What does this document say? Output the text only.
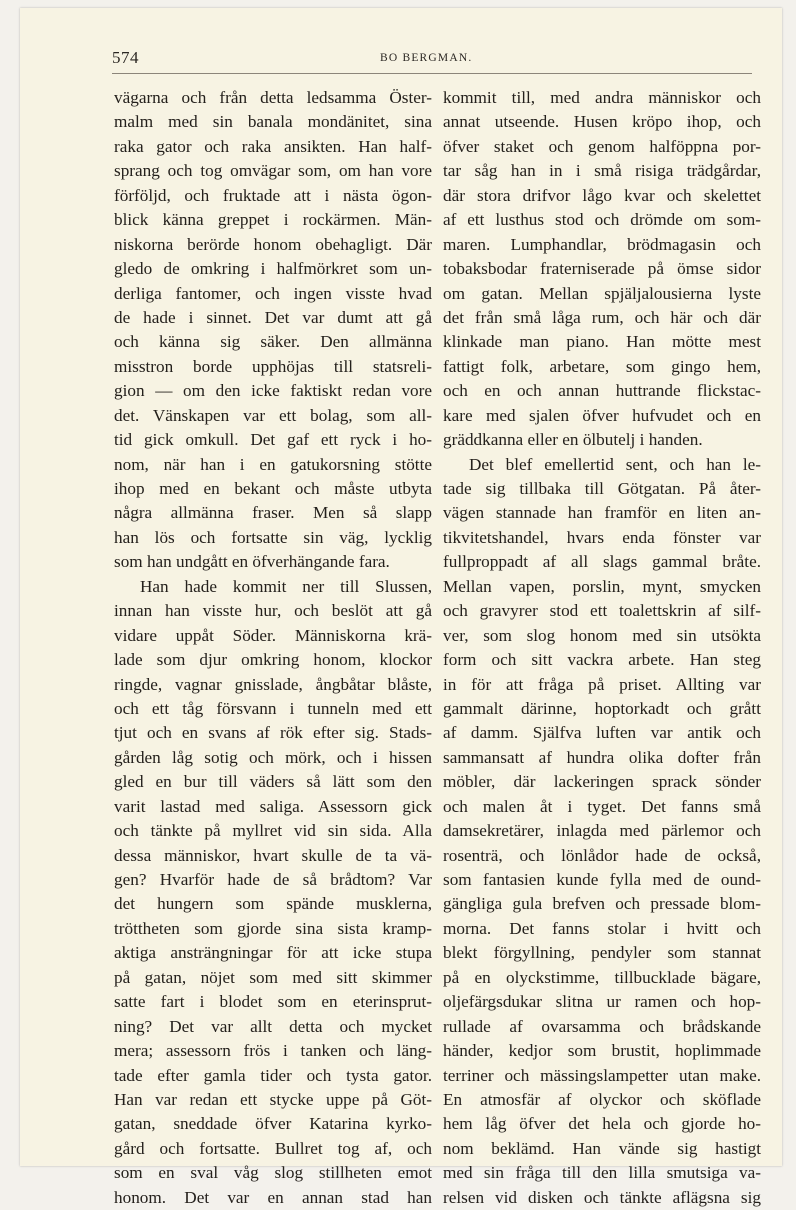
574	BO BERGMAN.
vägarna och från detta ledsamma Öster-
malm med sin banala mondänitet, sina
raka gator och raka ansikten. Han half-
sprang och tog omvägar som, om han vore
förföljd, och fruktade att i nästa ögon-
blick känna greppet i rockärmen. Män-
niskorna berörde honom obehagligt. Där
gledo de omkring i halfmörkret som un-
derliga fantomer, och ingen visste hvad
de hade i sinnet. Det var dumt att gå
och känna sig säker. Den allmänna
misstron borde upphöjas till statsreli-
gion — om den icke faktiskt redan vore
det. Vänskapen var ett bolag, som all-
tid gick omkull. Det gaf ett ryck i ho-
nom, när han i en gatukorsning stötte
ihop med en bekant och måste utbyta
några allmänna fraser. Men så slapp
han lös och fortsatte sin väg, lycklig
som han undgått en öfverhängande fara.
Han hade kommit ner till Slussen,
innan han visste hur, och beslöt att gå
vidare uppåt Söder. Människorna krä-
lade som djur omkring honom, klockor
ringde, vagnar gnisslade, ångbåtar blåste,
och ett tåg försvann i tunneln med ett
tjut och en svans af rök efter sig. Stads-
gården låg sotig och mörk, och i hissen
gled en bur till väders så lätt som den
varit lastad med saliga. Assessorn gick
och tänkte på myllret vid sin sida. Alla
dessa människor, hvart skulle de ta vä-
gen? Hvarför hade de så brådtom? Var
det hungern som spände musklerna,
tröttheten som gjorde sina sista kramp-
aktiga ansträngningar för att icke stupa
på gatan, nöjet som med sitt skimmer
satte fart i blodet som en eterinsprut-
ning? Det var allt detta och mycket
mera; assessorn frös i tanken och läng-
tade efter gamla tider och tysta gator.
Han var redan ett stycke uppe på Göt-
gatan, sneddade öfver Katarina kyrko-
gård och fortsatte. Bullret tog af, och
som en sval våg slog stillheten emot
honom. Det var en annan stad han
kommit till, med andra människor och
annat utseende. Husen kröpo ihop, och
öfver staket och genom halföppna por-
tar såg han in i små risiga trädgårdar,
där stora drifvor lågo kvar och skelettet
af ett lusthus stod och drömde om som-
maren. Lumphandlar, brödmagasin och
tobaksbodar fraterniserade på ömse sidor
om gatan. Mellan spjäljalousierna lyste
det från små låga rum, och här och där
klinkade man piano. Han mötte mest
fattigt folk, arbetare, som gingo hem,
och en och annan huttrande flickstac-
kare med sjalen öfver hufvudet och en
gräddkanna eller en ölbutelj i handen.
Det blef emellertid sent, och han le-
tade sig tillbaka till Götgatan. På åter-
vägen stannade han framför en liten an-
tikvitetshandel, hvars enda fönster var
fullproppadt af all slags gammal bråte.
Mellan vapen, porslin, mynt, smycken
och gravyrer stod ett toalettskrin af silf-
ver, som slog honom med sin utsökta
form och sitt vackra arbete. Han steg
in för att fråga på priset. Allting var
gammalt därinne, hoptorkadt och grått
af damm. Själfva luften var antik och
sammansatt af hundra olika dofter från
möbler, där lackeringen sprack sönder
och malen åt i tyget. Det fanns små
damsekretärer, inlagda med pärlemor och
rosenträ, och lönlådor hade de också,
som fantasien kunde fylla med de ound-
gängliga gula brefven och pressade blom-
morna. Det fanns stolar i hvitt och
blekt förgyllning, pendyler som stannat
på en olyckstimme, tillbucklade bägare,
oljefärgsdukar slitna ur ramen och hop-
rullade af ovarsamma och brådskande
händer, kedjor som brustit, hoplimmade
terriner och mässingslampetter utan make.
En atmosfär af olyckor och sköflade
hem låg öfver det hela och gjorde ho-
nom beklämd. Han vände sig hastigt
med sin fråga till den lilla smutsiga va-
relsen vid disken och tänkte aflägsna sig
